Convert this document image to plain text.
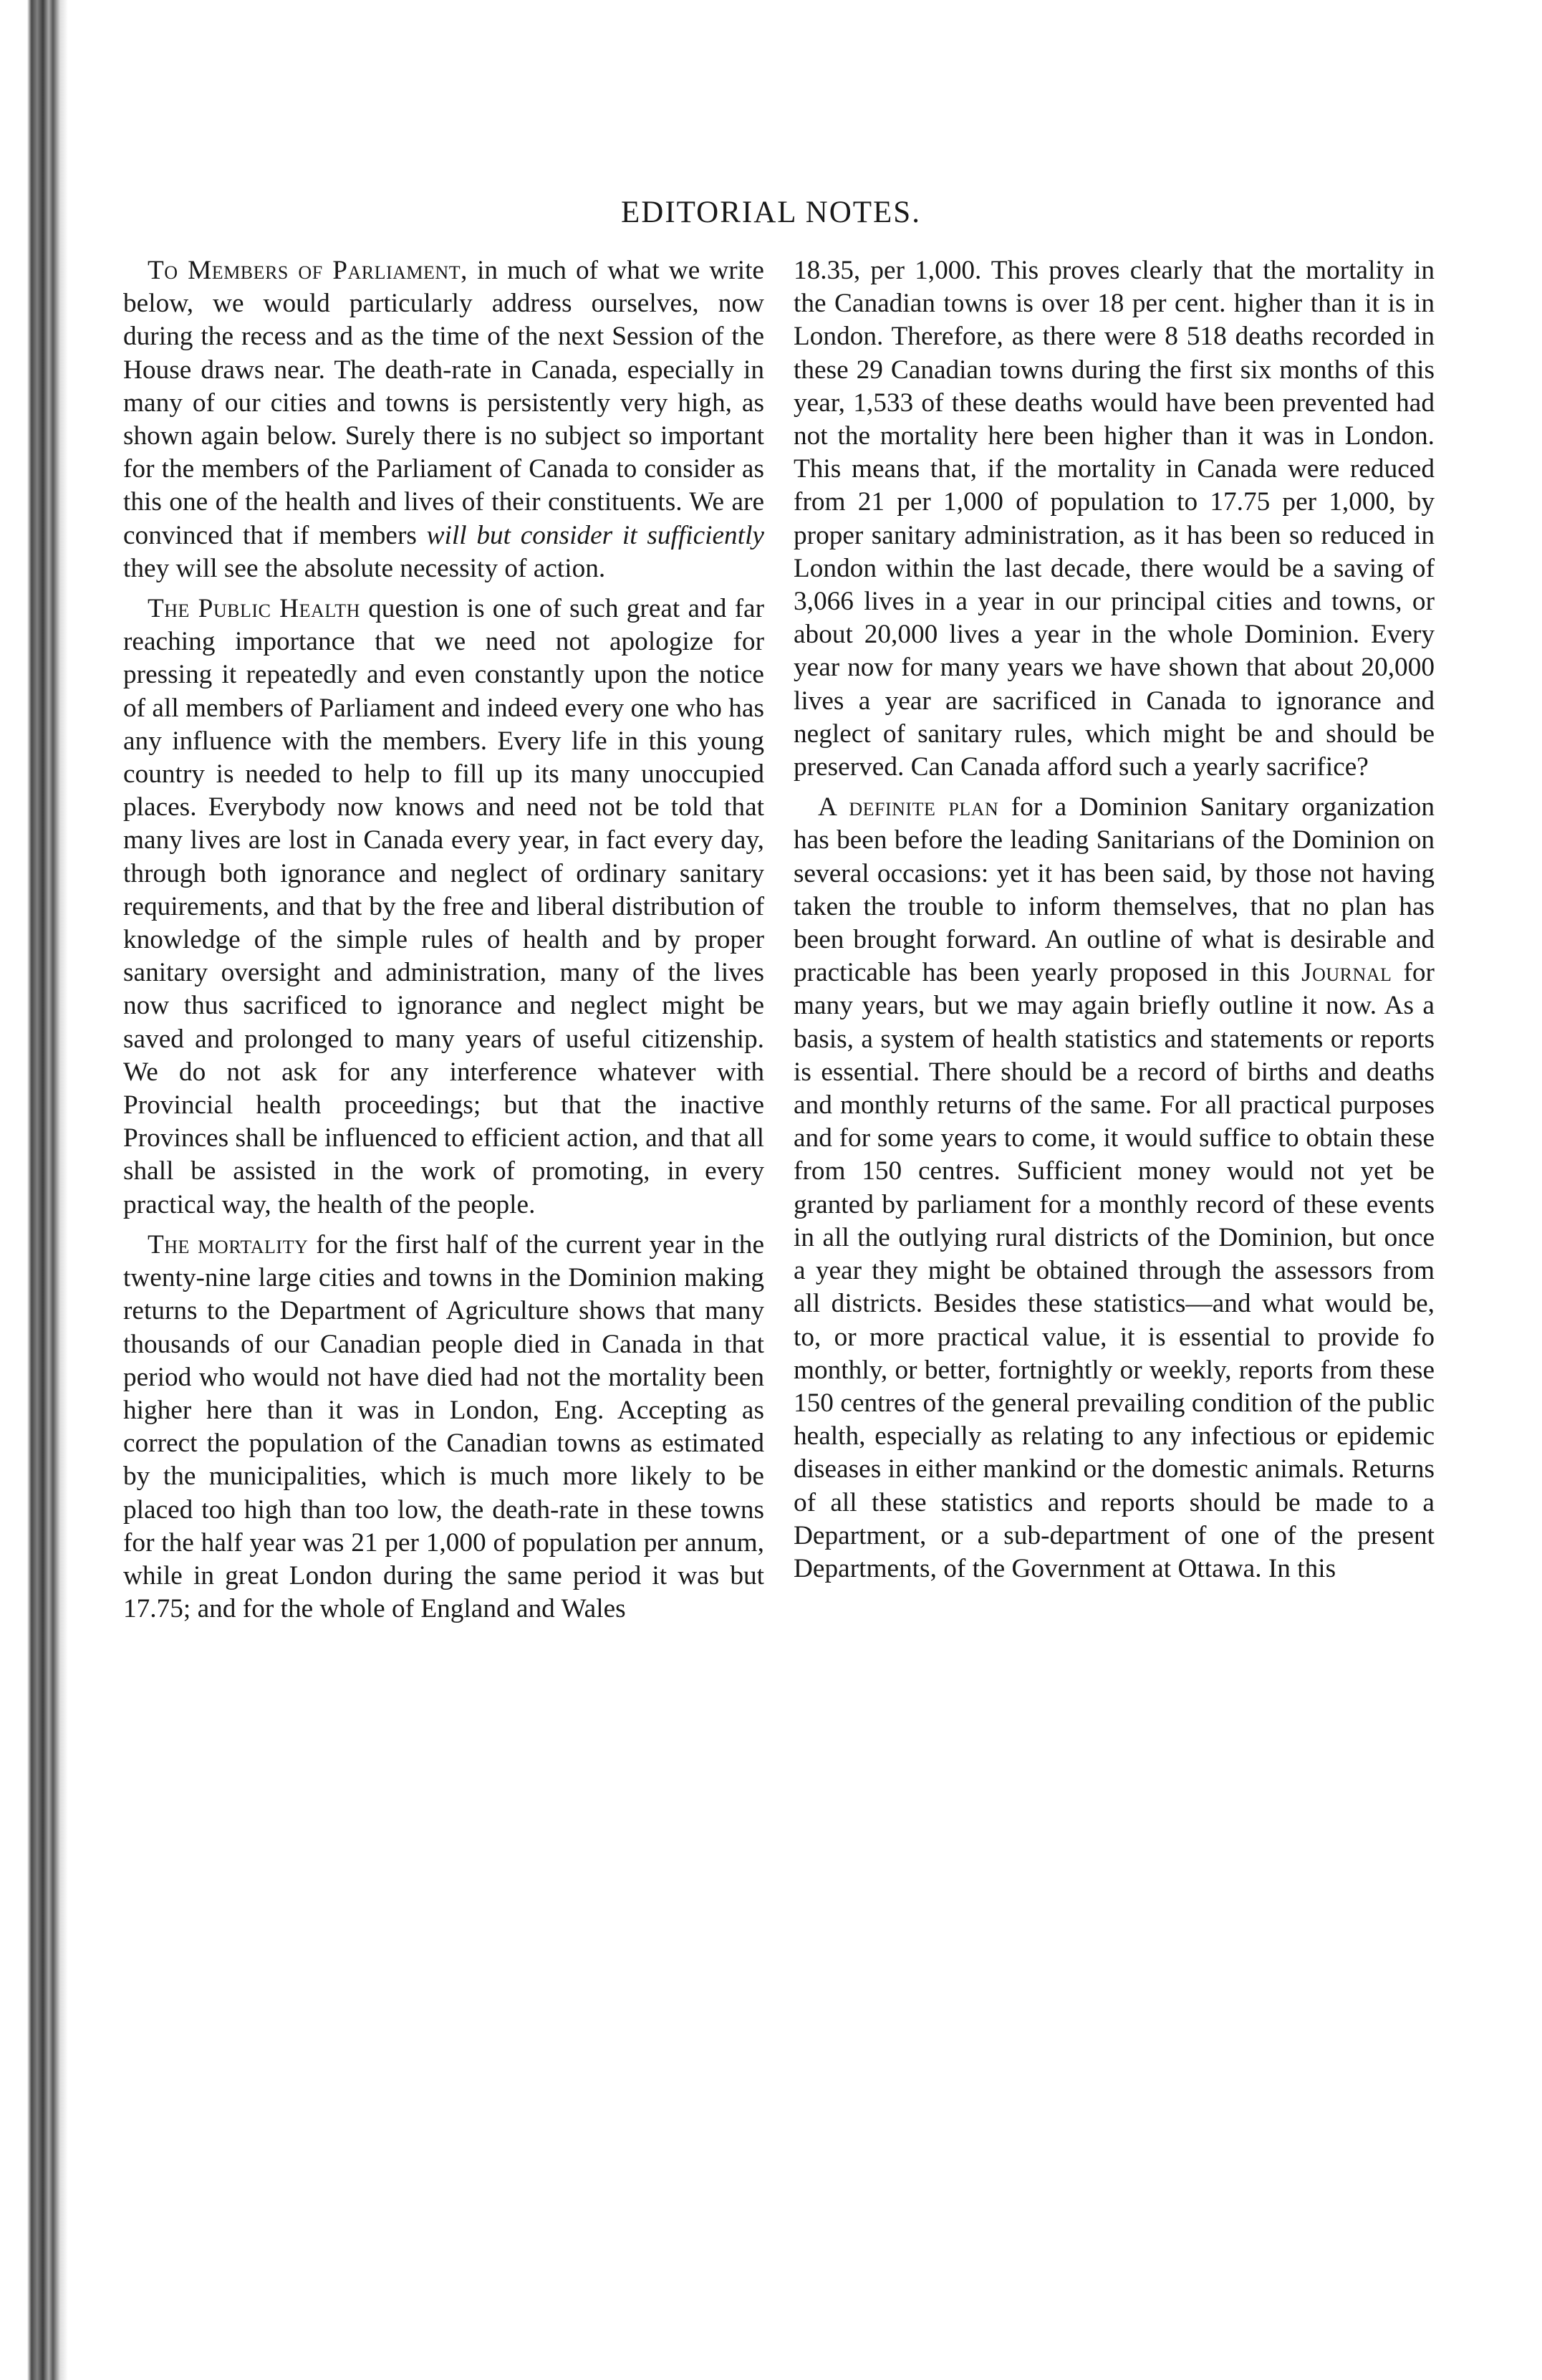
EDITORIAL NOTES.

To Members of Parliament, in much of what we write below, we would particularly address ourselves, now during the recess and as the time of the next Session of the House draws near. The death-rate in Canada, especially in many of our cities and towns is persistently very high, as shown again below. Surely there is no subject so important for the members of the Parliament of Canada to consider as this one of the health and lives of their constituents. We are convinced that if members will but consider it sufficiently they will see the absolute necessity of action.

The Public Health question is one of such great and far reaching importance that we need not apologize for pressing it repeatedly and even constantly upon the notice of all members of Parliament and indeed every one who has any influence with the members. Every life in this young country is needed to help to fill up its many unoccupied places. Everybody now knows and need not be told that many lives are lost in Canada every year, in fact every day, through both ignorance and neglect of ordinary sanitary requirements, and that by the free and liberal distribution of knowledge of the simple rules of health and by proper sanitary oversight and administration, many of the lives now thus sacrificed to ignorance and neglect might be saved and prolonged to many years of useful citizenship. We do not ask for any interference whatever with Provincial health proceedings; but that the inactive Provinces shall be influenced to efficient action, and that all shall be assisted in the work of promoting, in every practical way, the health of the people.

The mortality for the first half of the current year in the twenty-nine large cities and towns in the Dominion making returns to the Department of Agriculture shows that many thousands of our Canadian people died in Canada in that period who would not have died had not the mortality been higher here than it was in London, Eng. Accepting as correct the population of the Canadian towns as estimated by the municipalities, which is much more likely to be placed too high than too low, the death-rate in these towns for the half year was 21 per 1,000 of population per annum, while in great London during the same period it was but 17.75; and for the whole of England and Wales

18.35, per 1,000. This proves clearly that the mortality in the Canadian towns is over 18 per cent. higher than it is in London. Therefore, as there were 8 518 deaths recorded in these 29 Canadian towns during the first six months of this year, 1,533 of these deaths would have been prevented had not the mortality here been higher than it was in London. This means that, if the mortality in Canada were reduced from 21 per 1,000 of population to 17.75 per 1,000, by proper sanitary administration, as it has been so reduced in London within the last decade, there would be a saving of 3,066 lives in a year in our principal cities and towns, or about 20,000 lives a year in the whole Dominion. Every year now for many years we have shown that about 20,000 lives a year are sacrificed in Canada to ignorance and neglect of sanitary rules, which might be and should be preserved. Can Canada afford such a yearly sacrifice?

A definite plan for a Dominion Sanitary organization has been before the leading Sanitarians of the Dominion on several occasions: yet it has been said, by those not having taken the trouble to inform themselves, that no plan has been brought forward. An outline of what is desirable and practicable has been yearly proposed in this Journal for many years, but we may again briefly outline it now. As a basis, a system of health statistics and statements or reports is essential. There should be a record of births and deaths and monthly returns of the same. For all practical purposes and for some years to come, it would suffice to obtain these from 150 centres. Sufficient money would not yet be granted by parliament for a monthly record of these events in all the outlying rural districts of the Dominion, but once a year they might be obtained through the assessors from all districts. Besides these statistics—and what would be, to, or more practical value, it is essential to provide fo monthly, or better, fortnightly or weekly, reports from these 150 centres of the general prevailing condition of the public health, especially as relating to any infectious or epidemic diseases in either mankind or the domestic animals. Returns of all these statistics and reports should be made to a Department, or a sub-department of one of the present Departments, of the Government at Ottawa. In this
